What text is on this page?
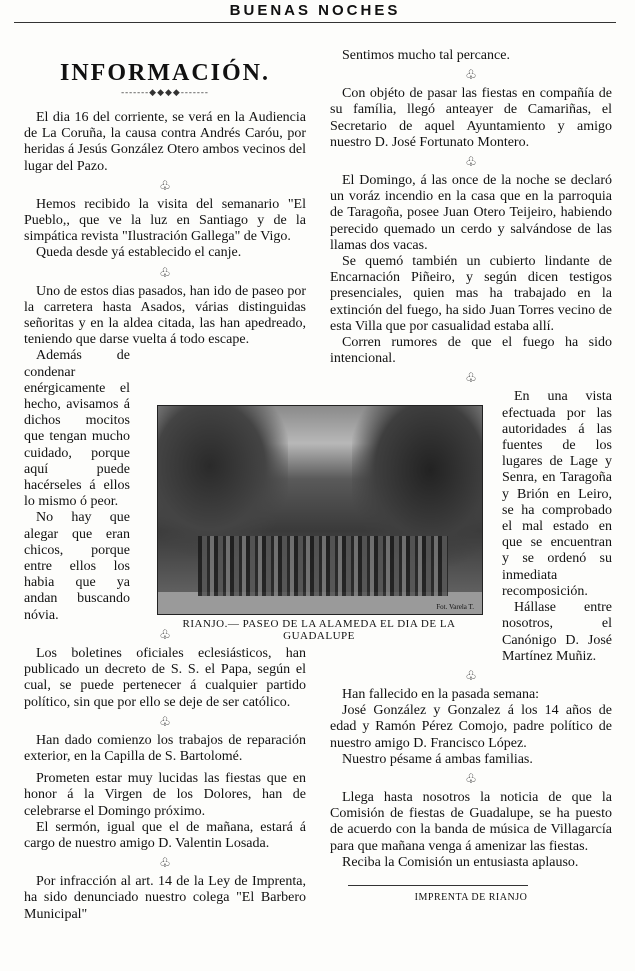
BUENAS NOCHES
INFORMACIÓN.
-------◆◆◆◆-------

El dia 16 del corriente, se verá en la Audiencia de La Coruña, la causa contra Andrés Caróu, por heridas á Jesús González Otero ambos vecinos del lugar del Pazo.

♧

Hemos recibido la visita del semanario "El Pueblo,, que ve la luz en Santiago y de la simpática revista "Ilustración Gallega" de Vigo.

Queda desde yá establecido el canje.

♧

Uno de estos dias pasados, han ido de paseo por la carretera hasta Asados, várias distinguidas señoritas y en la aldea citada, las han apedreado, teniendo que darse vuelta á todo escape.

Además de condenar enérgicamente el hecho, avisamos á dichos mocitos que tengan mucho cuidado, porque aquí puede hacérseles á ellos lo mismo ó peor.

No hay que alegar que eran chicos, porque entre ellos los habia que ya andan buscando nóvia.

♧

Los boletines oficiales eclesiásticos, han publicado un decreto de S. S. el Papa, según el cual, se puede pertenecer á cualquier partido político, sin que por ello se deje de ser católico.

♧

Han dado comienzo los trabajos de reparación exterior, en la Capilla de S. Bartolomé.

Prometen estar muy lucidas las fiestas que en honor á la Virgen de los Dolores, han de celebrarse el Domingo próximo.

El sermón, igual que el de mañana, estará á cargo de nuestro amigo D. Valentin Losada.

♧

Por infracción al art. 14 de la Ley de Imprenta, ha sido denunciado nuestro colega "El Barbero Municipal"

Sentimos mucho tal percance.

♧

Con objéto de pasar las fiestas en compañía de su família, llegó anteayer de Camariñas, el Secretario de aquel Ayuntamiento y amigo nuestro D. José Fortunato Montero.

♧

El Domingo, á las once de la noche se declaró un voráz incendio en la casa que en la parroquia de Taragoña, posee Juan Otero Teijeiro, habiendo perecido quemado un cerdo y salvándose de las llamas dos vacas.

Se quemó también un cubierto lindante de Encarnación Piñeiro, y según dicen testigos presenciales, quien mas ha trabajado en la extinción del fuego, ha sido Juan Torres vecino de esta Villa que por casualidad estaba allí.

Corren rumores de que el fuego ha sido intencional.

♧

En una vista efectuada por las autoridades á las fuentes de los lugares de Lage y Senra, en Taragoña y Brión en Leiro, se ha comprobado el mal estado en que se encuentran y se ordenó su inmediata recomposición.

Hállase entre nosotros, el Canónigo D. José Martínez Muñiz.

♧

Han fallecido en la pasada semana:

José González y Gonzalez á los 14 años de edad y Ramón Pérez Comojo, padre político de nuestro amigo D. Francisco López.

Nuestro pésame á ambas familias.

♧

Llega hasta nosotros la noticia de que la Comisión de fiestas de Guadalupe, se ha puesto de acuerdo con la banda de música de Villagarcía para que mañana venga á amenizar las fiestas.

Reciba la Comisión un entusiasta aplauso.

IMPRENTA DE RIANJO
Fot. Varela T.
RIANJO.— PASEO DE LA ALAMEDA EL DIA DE LA GUADALUPE
